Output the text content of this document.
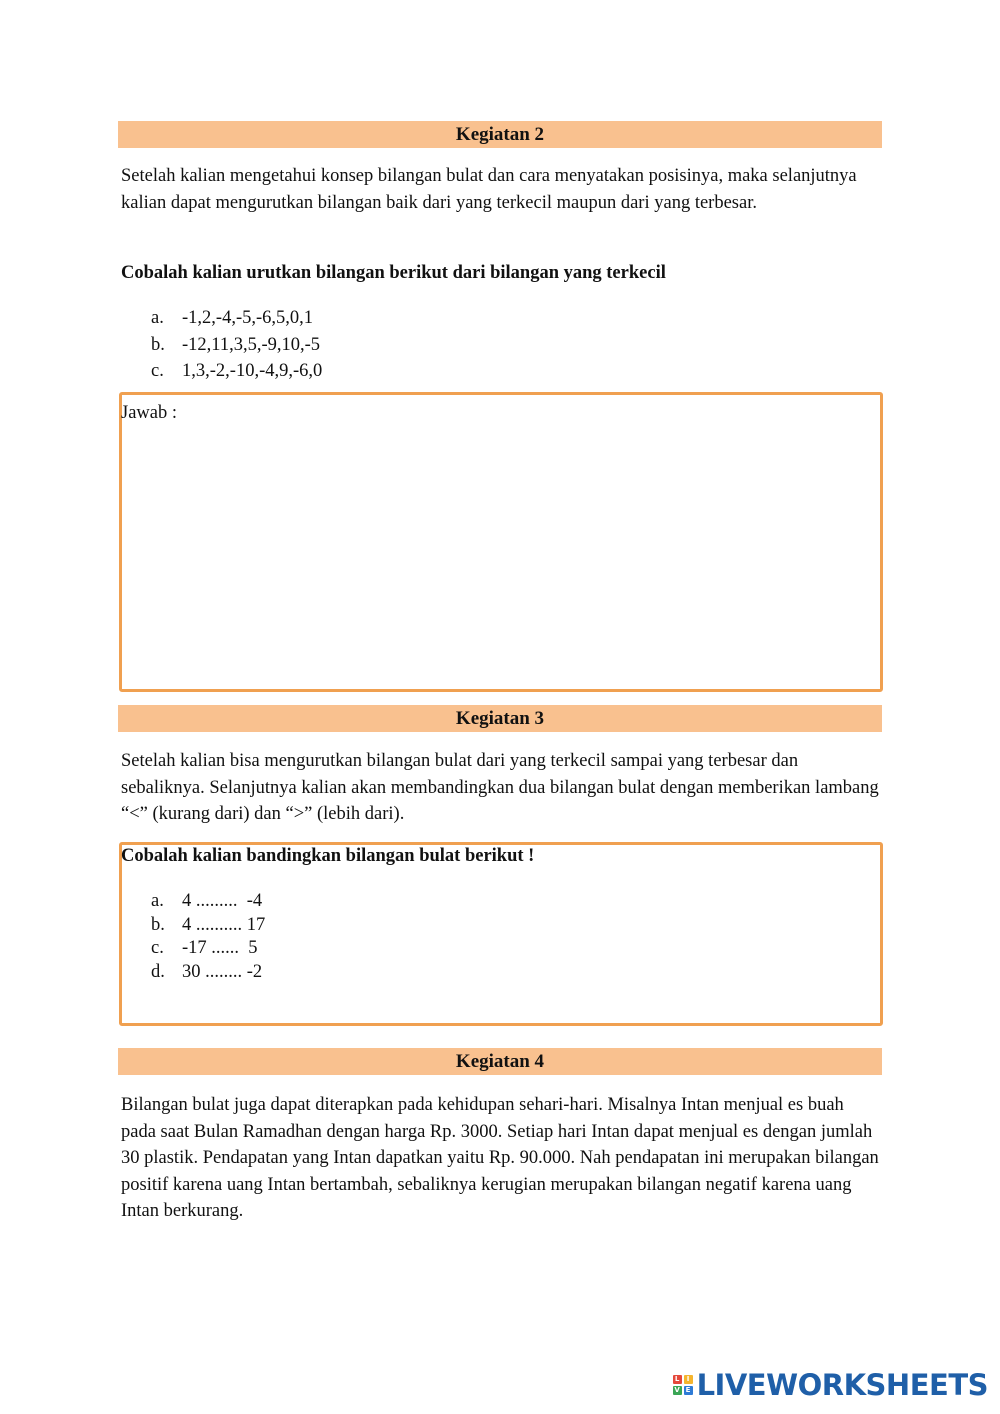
Kegiatan 2

Setelah kalian mengetahui konsep bilangan bulat dan cara menyatakan posisinya, maka selanjutnya kalian dapat mengurutkan bilangan baik dari yang terkecil maupun dari yang terbesar.

Cobalah kalian urutkan bilangan berikut dari bilangan yang terkecil

a. -1,2,-4,-5,-6,5,0,1
b. -12,11,3,5,-9,10,-5
c. 1,3,-2,-10,-4,9,-6,0
Jawab :
Kegiatan 3

Setelah kalian bisa mengurutkan bilangan bulat dari yang terkecil sampai yang terbesar dan sebaliknya. Selanjutnya kalian akan membandingkan dua bilangan bulat dengan memberikan lambang “<” (kurang dari) dan “>” (lebih dari).

Cobalah kalian bandingkan bilangan bulat berikut !
a. 4 .........  -4
b. 4 .......... 17
c. -17 ......  5
d. 30 ........ -2
Kegiatan 4

Bilangan bulat juga dapat diterapkan pada kehidupan sehari-hari. Misalnya Intan menjual es buah pada saat Bulan Ramadhan dengan harga Rp. 3000. Setiap hari Intan dapat menjual es dengan jumlah 30 plastik. Pendapatan yang Intan dapatkan yaitu Rp. 90.000. Nah pendapatan ini merupakan bilangan positif karena uang Intan bertambah, sebaliknya kerugian merupakan bilangan negatif karena uang Intan berkurang.

L	I
V E LIVEWORKSHEETS
